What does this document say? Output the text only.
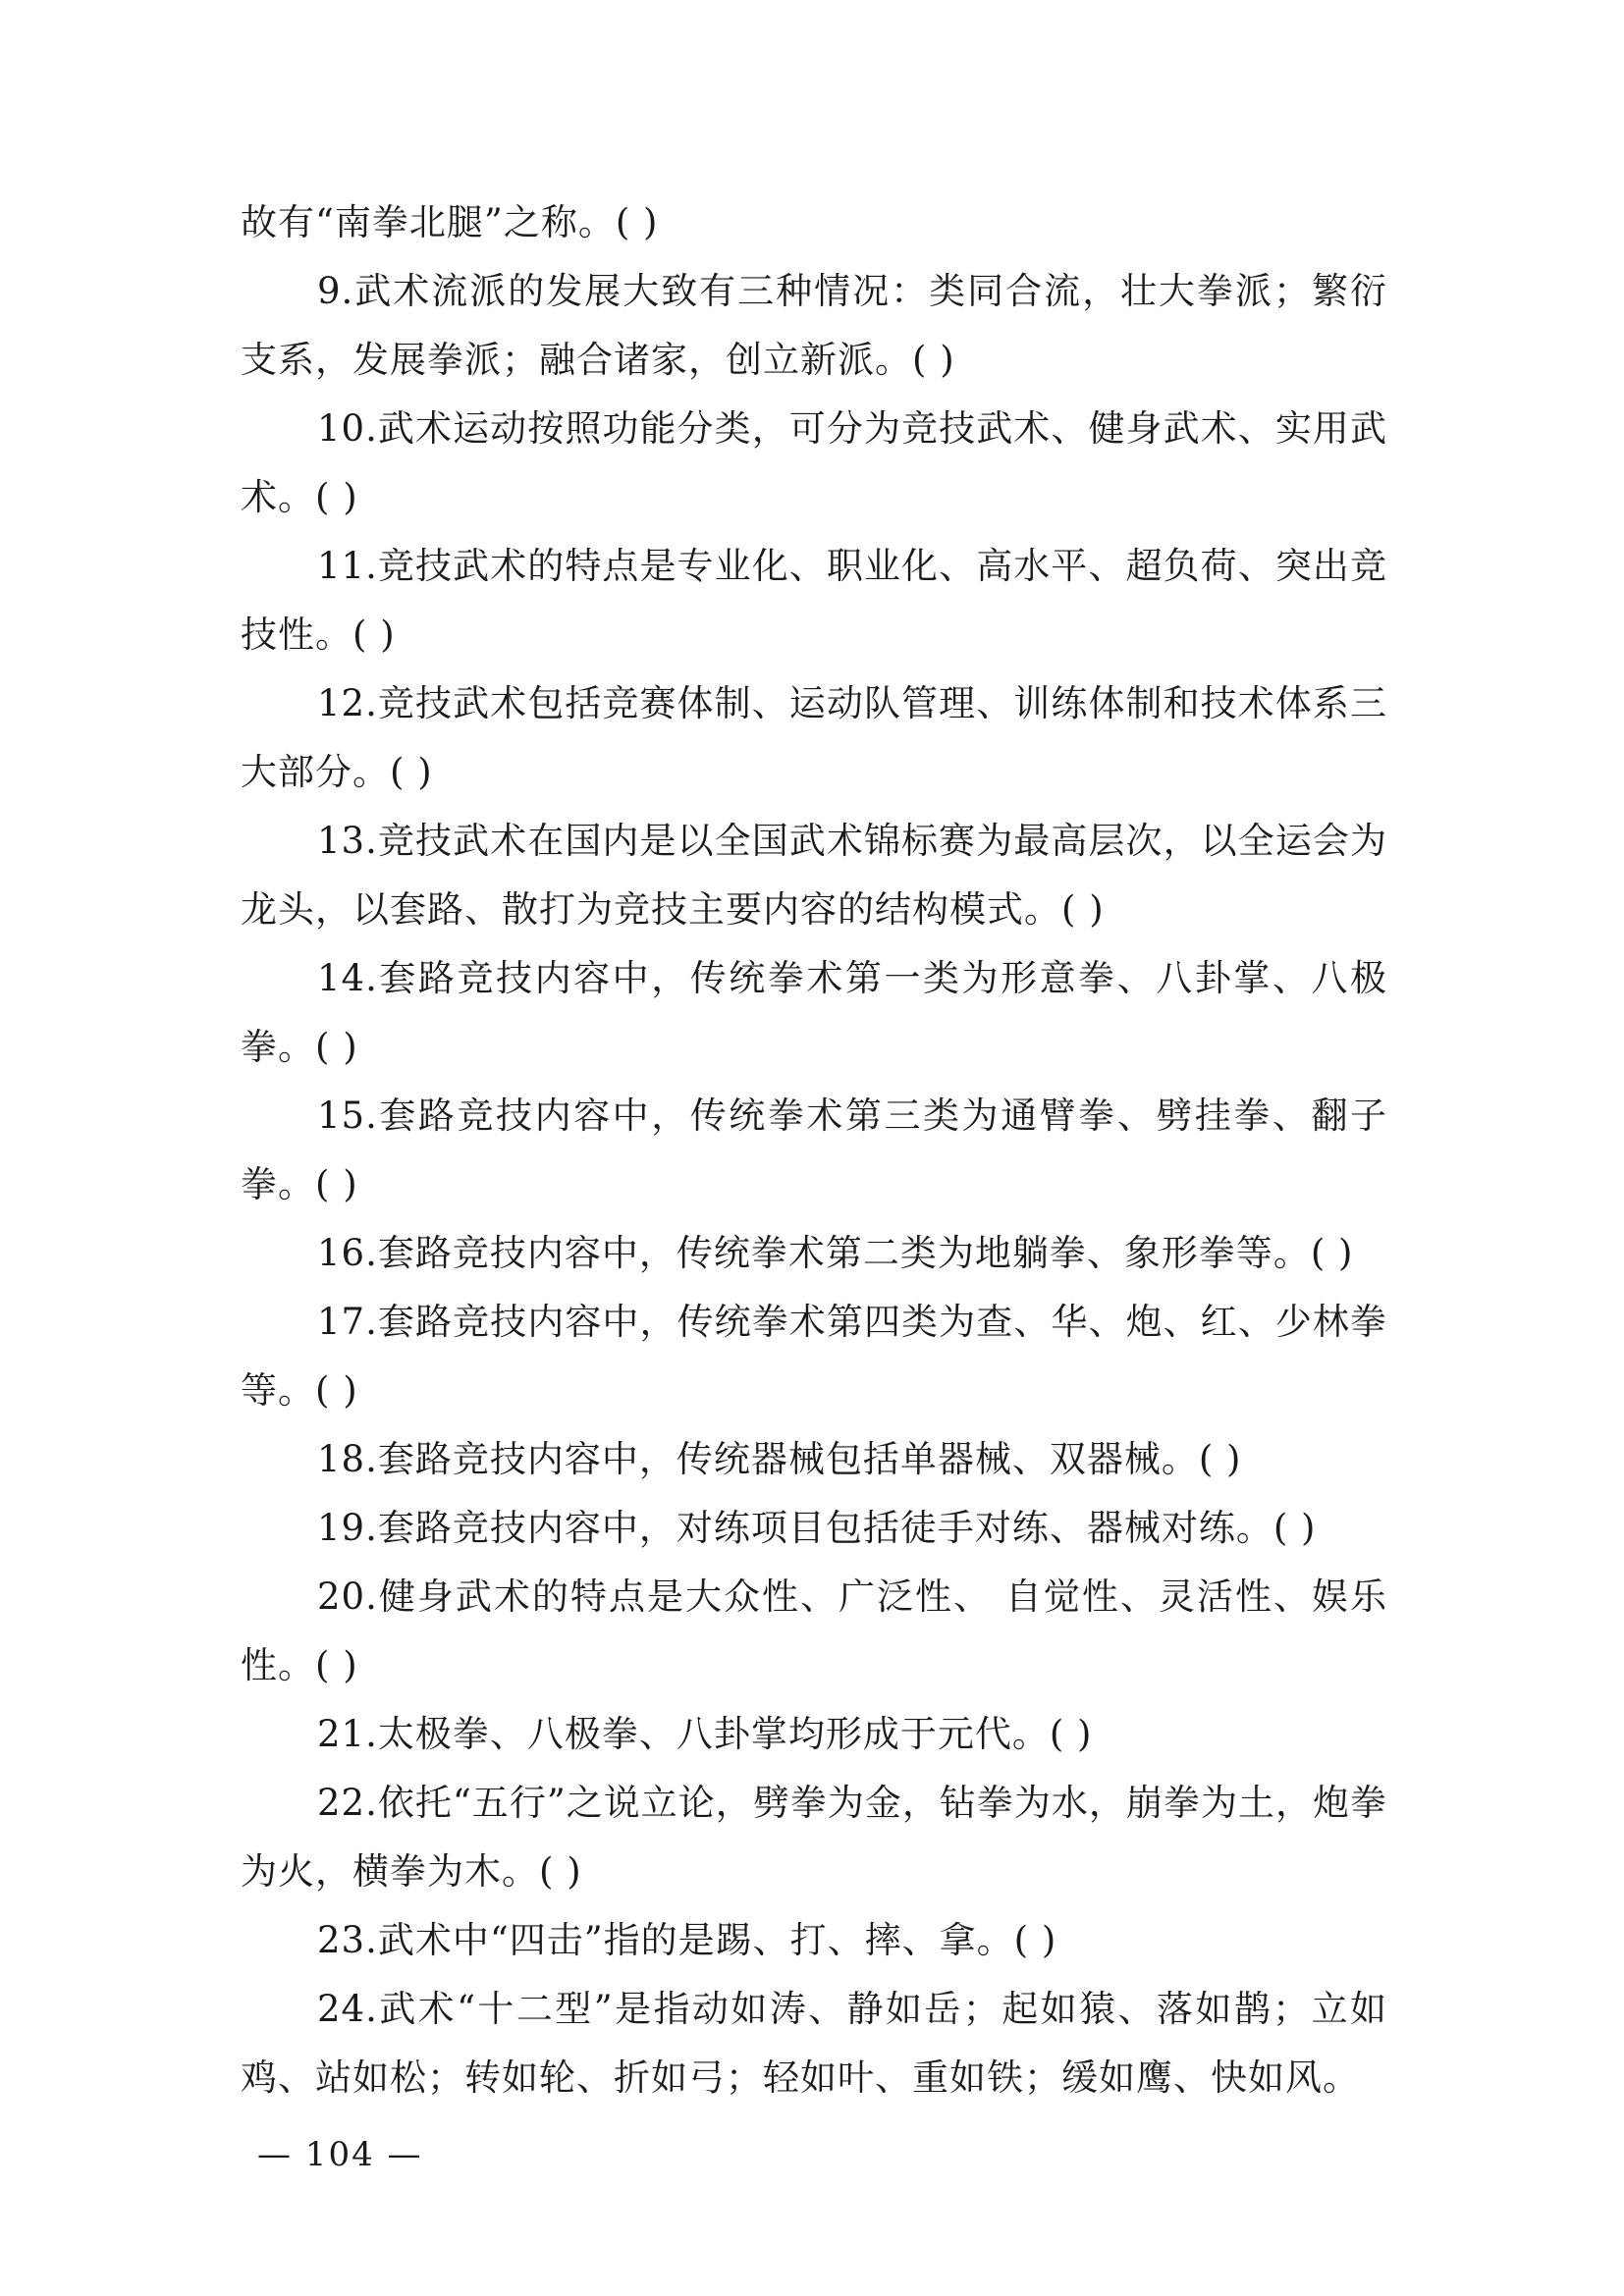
故有“南拳北腿”之称。( )

9.武术流派的发展大致有三种情况：类同合流，壮大拳派；繁衍支系，发展拳派；融合诸家，创立新派。( )

10.武术运动按照功能分类，可分为竞技武术、健身武术、实用武术。( )

11.竞技武术的特点是专业化、职业化、高水平、超负荷、突出竞技性。( )

12.竞技武术包括竞赛体制、运动队管理、训练体制和技术体系三大部分。( )

13.竞技武术在国内是以全国武术锦标赛为最高层次，以全运会为龙头，以套路、散打为竞技主要内容的结构模式。( )

14.套路竞技内容中，传统拳术第一类为形意拳、八卦掌、八极拳。( )

15.套路竞技内容中，传统拳术第三类为通臂拳、劈挂拳、翻子拳。( )

16.套路竞技内容中，传统拳术第二类为地躺拳、象形拳等。( )

17.套路竞技内容中，传统拳术第四类为查、华、炮、红、少林拳等。( )

18.套路竞技内容中，传统器械包括单器械、双器械。( )

19.套路竞技内容中，对练项目包括徒手对练、器械对练。( )

20.健身武术的特点是大众性、广泛性、 自觉性、灵活性、娱乐性。( )

21.太极拳、八极拳、八卦掌均形成于元代。( )

22.依托“五行”之说立论，劈拳为金，钻拳为水，崩拳为土，炮拳为火，横拳为木。( )

23.武术中“四击”指的是踢、打、摔、拿。( )

24.武术“十二型”是指动如涛、静如岳；起如猿、落如鹊；立如鸡、站如松；转如轮、折如弓；轻如叶、重如铁；缓如鹰、快如风。

— 104 —
